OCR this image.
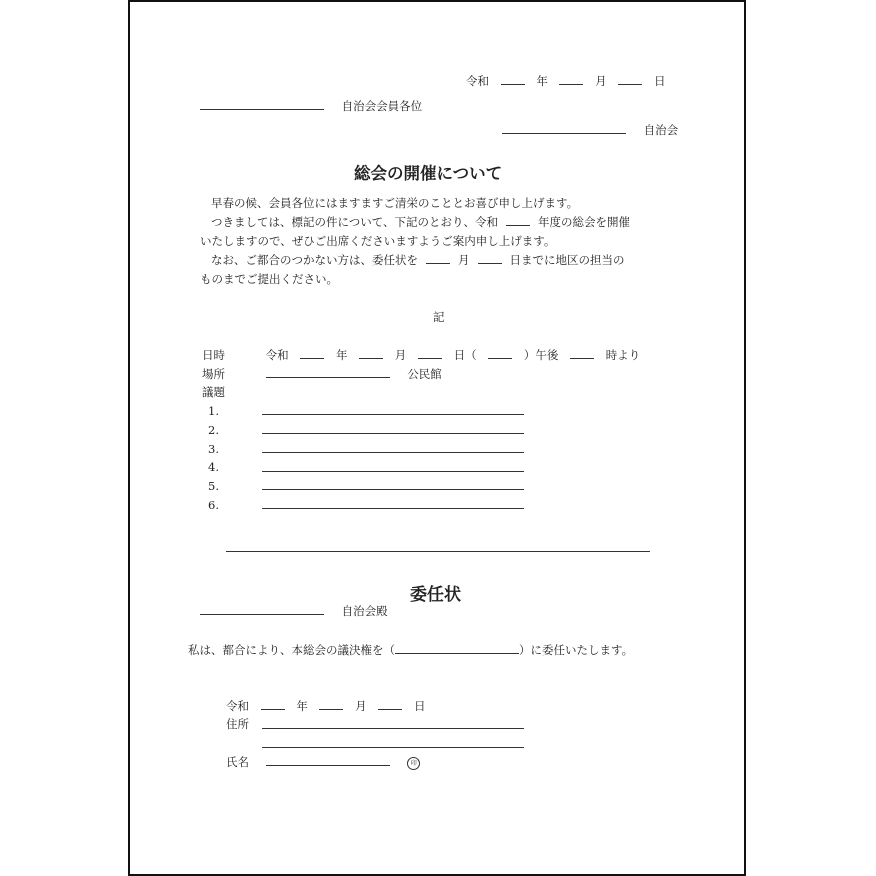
令和	年	月	日
自治会会員各位
自治会
総会の開催について

早春の候、会員各位にはますますご清栄のこととお喜び申し上げます。

つきましては、標記の件について、下記のとおり、令和	年度の総会を開催

いたしますので、ぜひご出席くださいますようご案内申し上げます。

なお、ご都合のつかない方は、委任状を	月	日までに地区の担当の

ものまでご提出ください。

記
日時	令和	年	月	日（	）午後	時より
場所	公民館
議題
1.
2.
3.
4.
5.
6.
委任状
自治会殿
私は、都合により、本総会の議決権を（	）に委任いたします。
令和	年	月	日
住所
氏名	印
